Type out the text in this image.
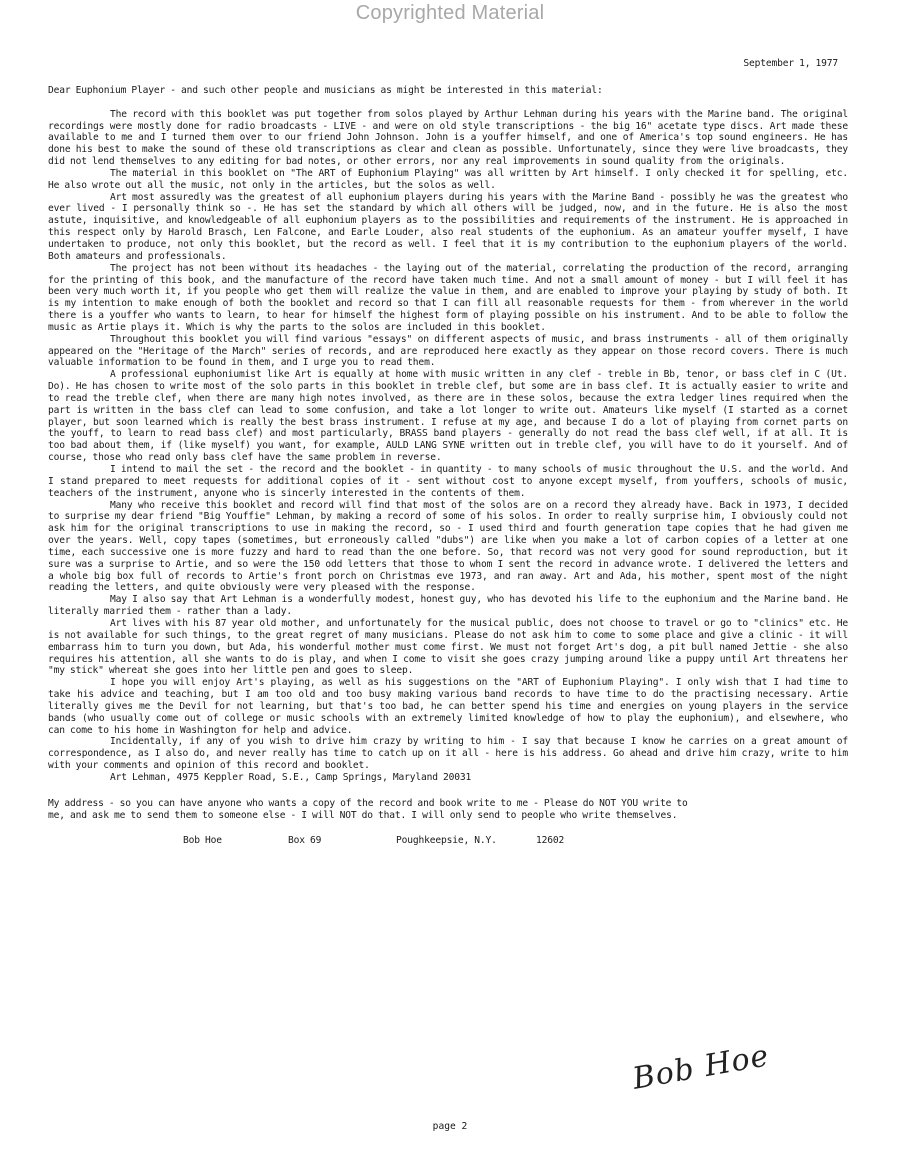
Copyrighted Material
September 1, 1977
Dear Euphonium Player - and such other people and musicians as might be interested in this material:

The record with this booklet was put together from solos played by Arthur Lehman during his years with the Marine band. The original recordings were mostly done for radio broadcasts - LIVE - and were on old style transcriptions - the big 16" acetate type discs. Art made these available to me and I turned them over to our friend John Johnson. John is a youffer himself, and one of America's top sound engineers. He has done his best to make the sound of these old transcriptions as clear and clean as possible. Unfortunately, since they were live broadcasts, they did not lend themselves to any editing for bad notes, or other errors, nor any real improvements in sound quality from the originals.

The material in this booklet on "The ART of Euphonium Playing" was all written by Art himself. I only checked it for spelling, etc. He also wrote out all the music, not only in the articles, but the solos as well.

Art most assuredly was the greatest of all euphonium players during his years with the Marine Band - possibly he was the greatest who ever lived - I personally think so -. He has set the standard by which all others will be judged, now, and in the future. He is also the most astute, inquisitive, and knowledgeable of all euphonium players as to the possibilities and requirements of the instrument. He is approached in this respect only by Harold Brasch, Len Falcone, and Earle Louder, also real students of the euphonium. As an amateur youffer myself, I have undertaken to produce, not only this booklet, but the record as well. I feel that it is my contribution to the euphonium players of the world. Both amateurs and professionals.

The project has not been without its headaches - the laying out of the material, correlating the production of the record, arranging for the printing of this book, and the manufacture of the record have taken much time. And not a small amount of money - but I will feel it has been very much worth it, if you people who get them will realize the value in them, and are enabled to improve your playing by study of both. It is my intention to make enough of both the booklet and record so that I can fill all reasonable requests for them - from wherever in the world there is a youffer who wants to learn, to hear for himself the highest form of playing possible on his instrument. And to be able to follow the music as Artie plays it. Which is why the parts to the solos are included in this booklet.

Throughout this booklet you will find various "essays" on different aspects of music, and brass instruments - all of them originally appeared on the "Heritage of the March" series of records, and are reproduced here exactly as they appear on those record covers. There is much valuable information to be found in them, and I urge you to read them.

A professional euphoniumist like Art is equally at home with music written in any clef - treble in Bb, tenor, or bass clef in C (Ut. Do). He has chosen to write most of the solo parts in this booklet in treble clef, but some are in bass clef. It is actually easier to write and to read the treble clef, when there are many high notes involved, as there are in these solos, because the extra ledger lines required when the part is written in the bass clef can lead to some confusion, and take a lot longer to write out. Amateurs like myself (I started as a cornet player, but soon learned which is really the best brass instrument. I refuse at my age, and because I do a lot of playing from cornet parts on the youff, to learn to read bass clef) and most particularly, BRASS band players - generally do not read the bass clef well, if at all. It is too bad about them, if (like myself) you want, for example, AULD LANG SYNE written out in treble clef, you will have to do it yourself. And of course, those who read only bass clef have the same problem in reverse.

I intend to mail the set - the record and the booklet - in quantity - to many schools of music throughout the U.S. and the world. And I stand prepared to meet requests for additional copies of it - sent without cost to anyone except myself, from youffers, schools of music, teachers of the instrument, anyone who is sincerly interested in the contents of them.

Many who receive this booklet and record will find that most of the solos are on a record they already have. Back in 1973, I decided to surprise my dear friend "Big Youffie" Lehman, by making a record of some of his solos. In order to really surprise him, I obviously could not ask him for the original transcriptions to use in making the record, so - I used third and fourth generation tape copies that he had given me over the years. Well, copy tapes (sometimes, but erroneously called "dubs") are like when you make a lot of carbon copies of a letter at one time, each successive one is more fuzzy and hard to read than the one before. So, that record was not very good for sound reproduction, but it sure was a surprise to Artie, and so were the 150 odd letters that those to whom I sent the record in advance wrote. I delivered the letters and a whole big box full of records to Artie's front porch on Christmas eve 1973, and ran away. Art and Ada, his mother, spent most of the night reading the letters, and quite obviously were very pleased with the response.

May I also say that Art Lehman is a wonderfully modest, honest guy, who has devoted his life to the euphonium and the Marine band. He literally married them - rather than a lady.

Art lives with his 87 year old mother, and unfortunately for the musical public, does not choose to travel or go to "clinics" etc. He is not available for such things, to the great regret of many musicians. Please do not ask him to come to some place and give a clinic - it will embarrass him to turn you down, but Ada, his wonderful mother must come first. We must not forget Art's dog, a pit bull named Jettie - she also requires his attention, all she wants to do is play, and when I come to visit she goes crazy jumping around like a puppy until Art threatens her "my stick" whereat she goes into her little pen and goes to sleep.

I hope you will enjoy Art's playing, as well as his suggestions on the "ART of Euphonium Playing". I only wish that I had time to take his advice and teaching, but I am too old and too busy making various band records to have time to do the practising necessary. Artie literally gives me the Devil for not learning, but that's too bad, he can better spend his time and energies on young players in the service bands (who usually come out of college or music schools with an extremely limited knowledge of how to play the euphonium), and elsewhere, who can come to his home in Washington for help and advice.

Incidentally, if any of you wish to drive him crazy by writing to him - I say that because I know he carries on a great amount of correspondence, as I also do, and never really has time to catch up on it all - here is his address. Go ahead and drive him crazy, write to him with your comments and opinion of this record and booklet.

Art Lehman, 4975 Keppler Road, S.E., Camp Springs, Maryland 20031
My address - so you can have anyone who wants a copy of the record and book write to me - Please do NOT YOU write to me, and ask me to send them to someone else - I will NOT do that. I will only send to people who write themselves.
Bob Hoe	Box 69	Poughkeepsie, N.Y.	12602
Bob Hoe
page 2
